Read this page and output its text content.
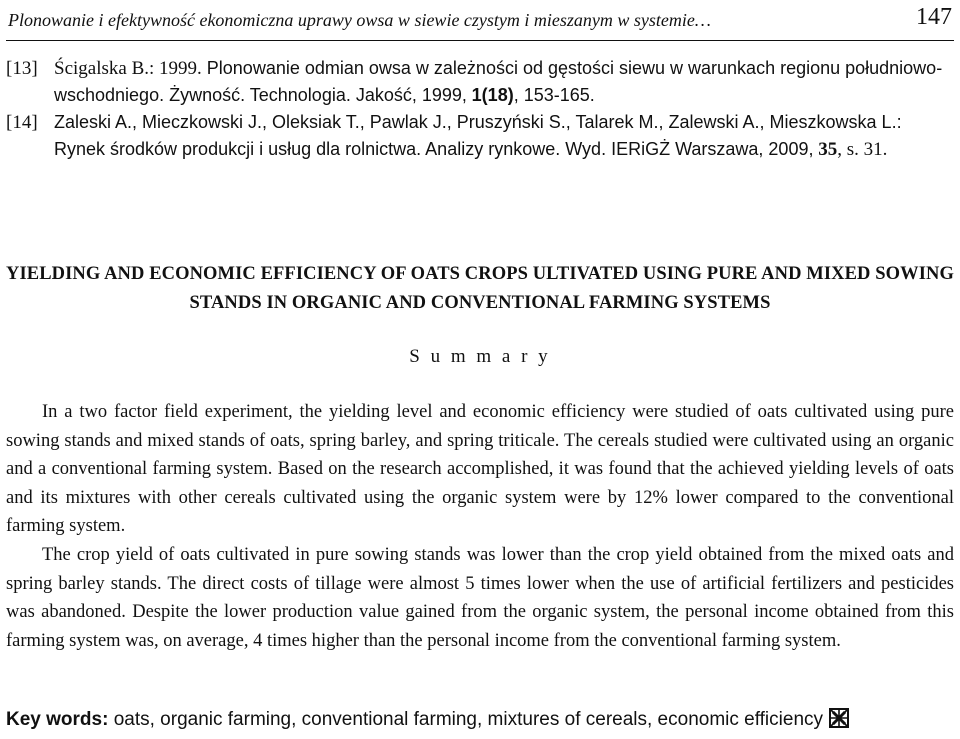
Plonowanie i efektywność ekonomiczna uprawy owsa w siewie czystym i mieszanym w systemie…	147
[13] Ścigalska B.: 1999. Plonowanie odmian owsa w zależności od gęstości siewu w warunkach regionu południowo-wschodniego. Żywność. Technologia. Jakość, 1999, 1(18), 153-165.
[14] Zaleski A., Mieczkowski J., Oleksiak T., Pawlak J., Pruszyński S., Talarek M., Zalewski A., Mieszkowska L.: Rynek środków produkcji i usług dla rolnictwa. Analizy rynkowe. Wyd. IERiGŻ Warszawa, 2009, 35, s. 31.
YIELDING AND ECONOMIC EFFICIENCY OF OATS CROPS ULTIVATED USING PURE AND MIXED SOWING STANDS IN ORGANIC AND CONVENTIONAL FARMING SYSTEMS
S u m m a r y

In a two factor field experiment, the yielding level and economic efficiency were studied of oats cultivated using pure sowing stands and mixed stands of oats, spring barley, and spring triticale. The cereals studied were cultivated using an organic and a conventional farming system. Based on the research accomplished, it was found that the achieved yielding levels of oats and its mixtures with other cereals cultivated using the organic system were by 12% lower compared to the conventional farming system.

The crop yield of oats cultivated in pure sowing stands was lower than the crop yield obtained from the mixed oats and spring barley stands. The direct costs of tillage were almost 5 times lower when the use of artificial fertilizers and pesticides was abandoned. Despite the lower production value gained from the organic system, the personal income obtained from this farming system was, on average, 4 times higher than the personal income from the conventional farming system.

Key words: oats, organic farming, conventional farming, mixtures of cereals, economic efficiency
